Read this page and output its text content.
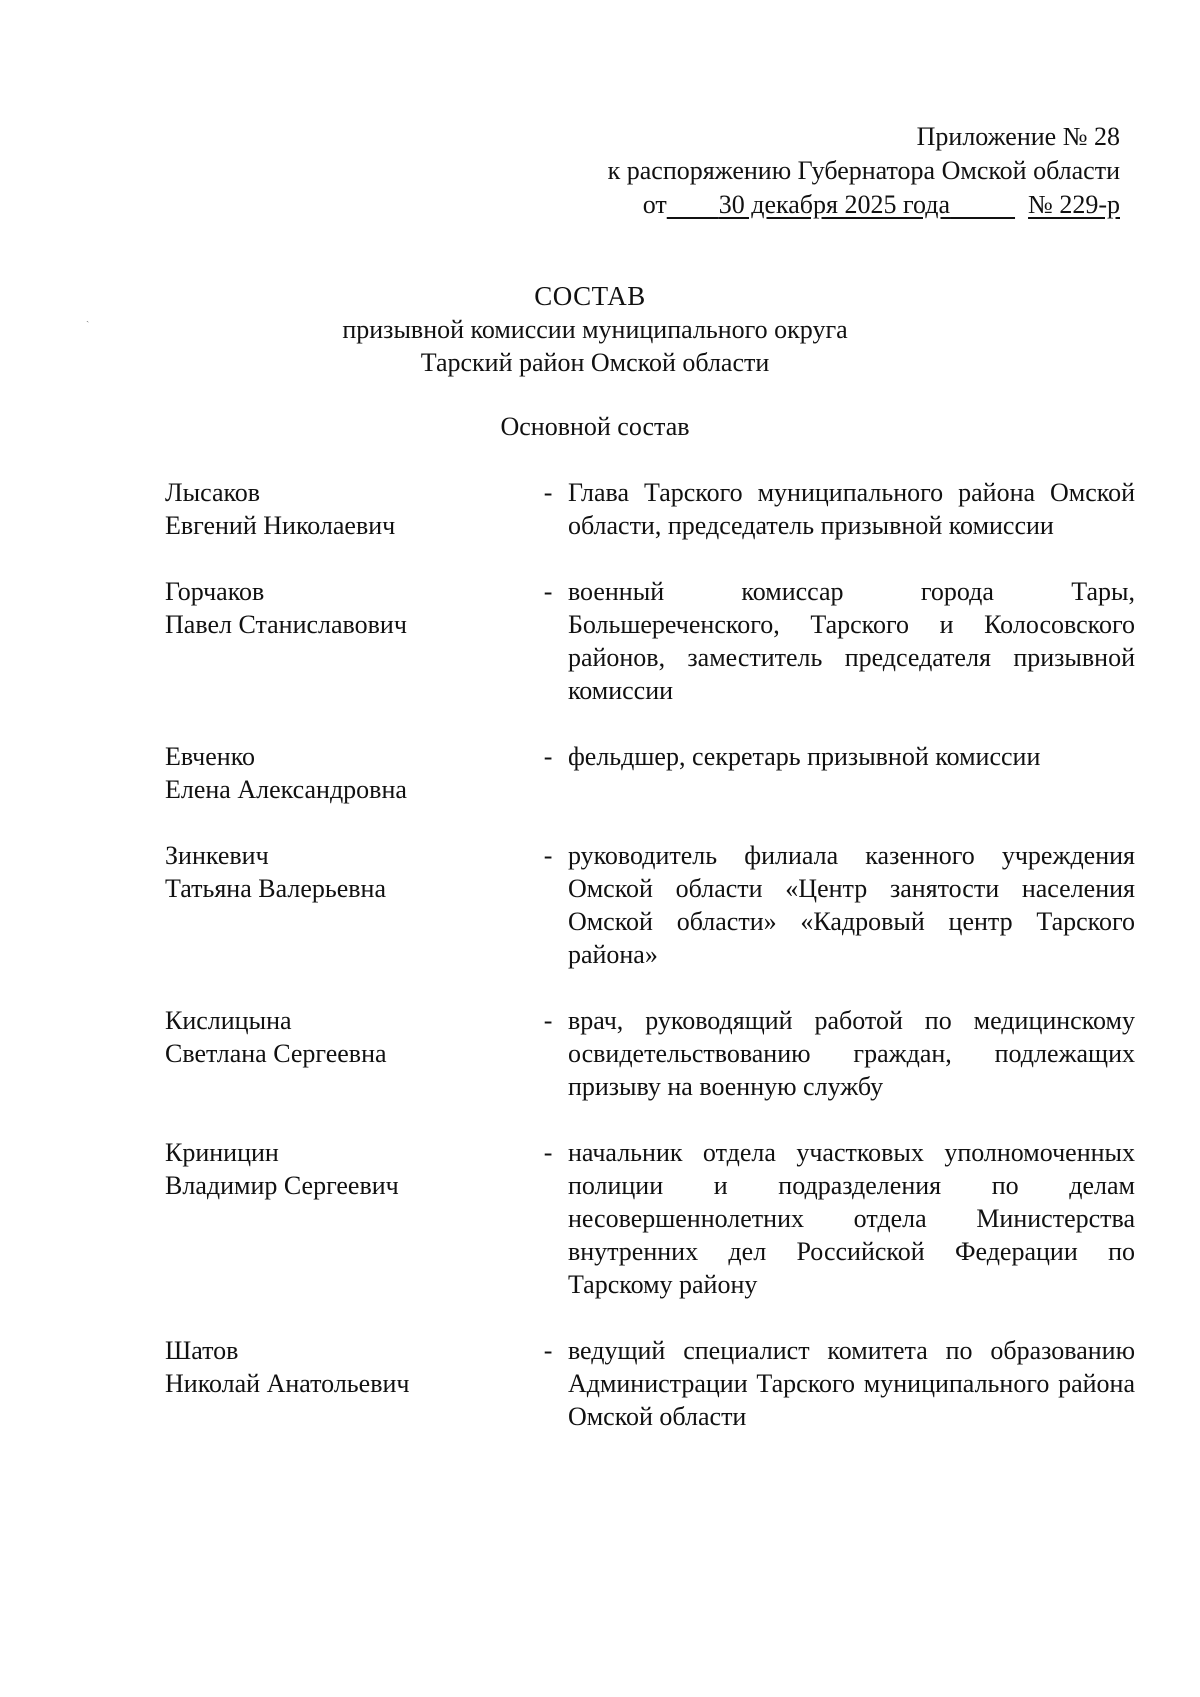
Приложение № 28
к распоряжению Губернатора Омской области
от 30 декабря 2025 года	№ 229-р
ˎ
СОСТАВ
призывной комиссии муниципального округа
Тарский район Омской области
Основной состав
Лысаков
Евгений Николаевич
- Глава Тарского муниципального района Омской области, председатель призывной комиссии
Горчаков
Павел Станиславович
- военный комиссар города Тары, Большереченского, Тарского и Колосовского районов, заместитель председателя призывной комиссии
Евченко
Елена Александровна
- фельдшер, секретарь призывной комиссии
Зинкевич
Татьяна Валерьевна
- руководитель филиала казенного учреждения Омской области «Центр занятости населения Омской области» «Кадровый центр Тарского района»
Кислицына
Светлана Сергеевна
- врач, руководящий работой по медицинскому освидетельствованию граждан, подлежащих призыву на военную службу
Криницин
Владимир Сергеевич
- начальник отдела участковых уполномоченных полиции и подразделения по делам несовершеннолетних отдела Министерства внутренних дел Российской Федерации по Тарскому району
Шатов
Николай Анатольевич
- ведущий специалист комитета по образованию Администрации Тарского муниципального района Омской области
